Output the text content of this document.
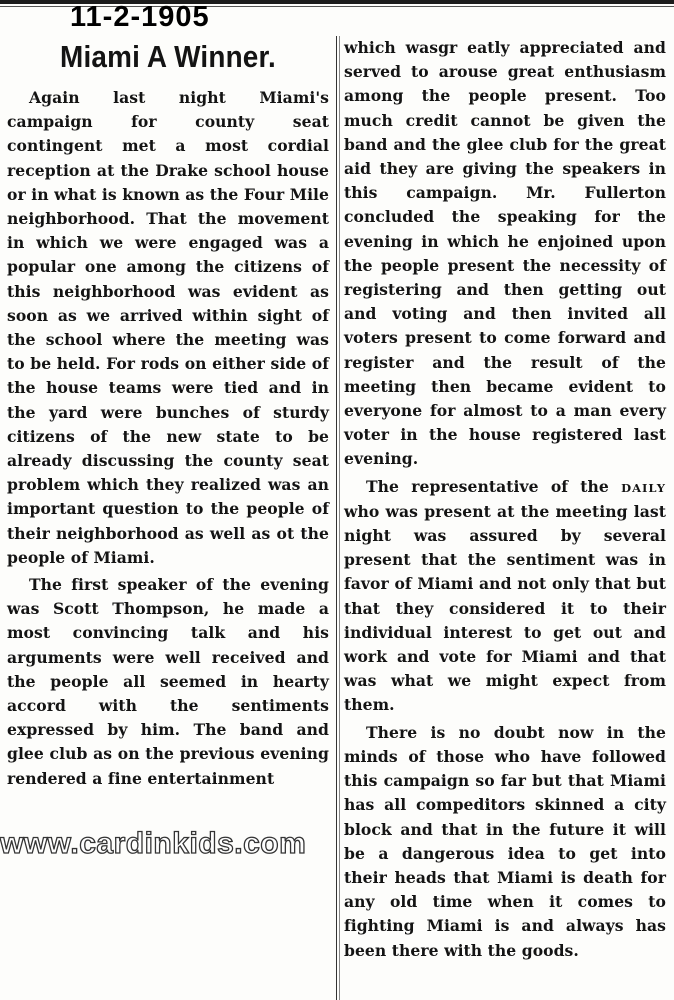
11-2-1905
Miami A Winner.

Again last night Miami's campaign for county seat contingent met a most cordial reception at the Drake school house or in what is known as the Four Mile neighborhood. That the movement in which we were engaged was a popular one among the citizens of this neighborhood was evident as soon as we arrived within sight of the school where the meeting was to be held. For rods on either side of the house teams were tied and in the yard were bunches of sturdy citizens of the new state to be already discussing the county seat problem which they realized was an important question to the people of their neighborhood as well as ot the people of Miami.

The first speaker of the evening was Scott Thompson, he made a most convincing talk and his arguments were well received and the people all seemed in hearty accord with the sentiments expressed by him. The band and glee club as on the previous evening rendered a fine entertainment

which wasgr eatly appreciated and served to arouse great enthusiasm among the people present. Too much credit cannot be given the band and the glee club for the great aid they are giving the speakers in this campaign. Mr. Fullerton concluded the speaking for the evening in which he enjoined upon the people present the necessity of registering and then getting out and voting and then invited all voters present to come forward and register and the result of the meeting then became evident to everyone for almost to a man every voter in the house registered last evening.

The representative of the DAILY who was present at the meeting last night was assured by several present that the sentiment was in favor of Miami and not only that but that they considered it to their individual interest to get out and work and vote for Miami and that was what we might expect from them.

There is no doubt now in the minds of those who have followed this campaign so far but that Miami has all compeditors skinned a city block and that in the future it will be a dangerous idea to get into their heads that Miami is death for any old time when it comes to fighting Miami is and always has been there with the goods.

www.cardinkids.com
